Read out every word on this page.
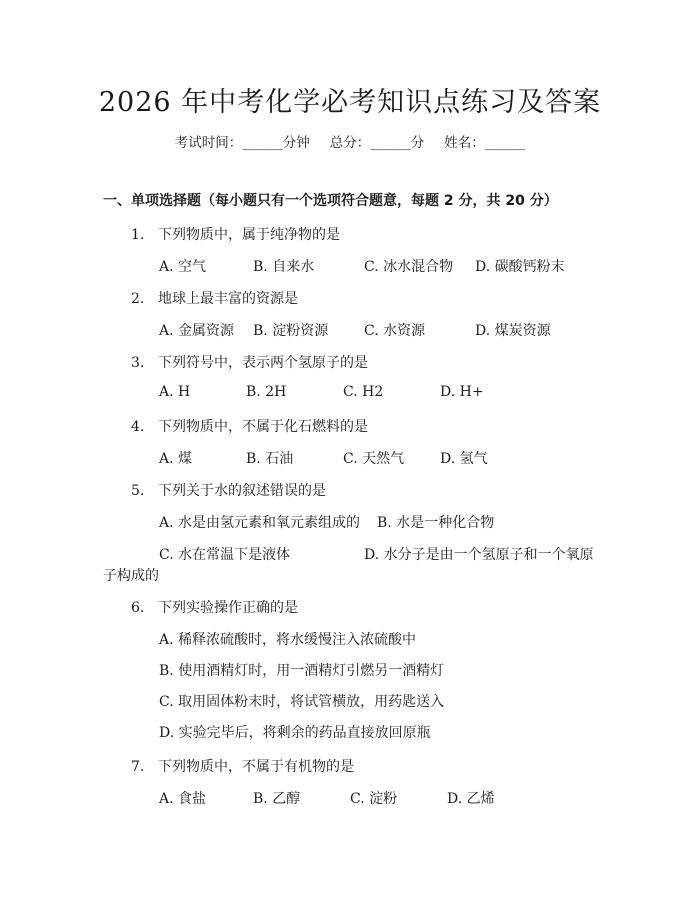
2026 年中考化学必考知识点练习及答案
考试时间：______分钟 总分：______分 姓名：______
一、单项选择题（每小题只有一个选项符合题意，每题 2 分，共 20 分）
1. 下列物质中，属于纯净物的是
A. 空气	B. 自来水	C. 冰水混合物 D. 碳酸钙粉末
2. 地球上最丰富的资源是
A. 金属资源 B. 淀粉资源	C. 水资源	D. 煤炭资源
3. 下列符号中，表示两个氢原子的是
A. H	B. 2H	C. H2	D. H+
4. 下列物质中，不属于化石燃料的是
A. 煤	B. 石油	C. 天然气	D. 氢气
5. 下列关于水的叙述错误的是
A. 水是由氢元素和氧元素组成的 B. 水是一种化合物
C. 水在常温下是液体	D. 水分子是由一个氢原子和一个氧原
子构成的
6. 下列实验操作正确的是
A. 稀释浓硫酸时，将水缓慢注入浓硫酸中
B. 使用酒精灯时，用一酒精灯引燃另一酒精灯
C. 取用固体粉末时，将试管横放，用药匙送入
D. 实验完毕后，将剩余的药品直接放回原瓶
7. 下列物质中，不属于有机物的是
A. 食盐	B. 乙醇	C. 淀粉	D. 乙烯
